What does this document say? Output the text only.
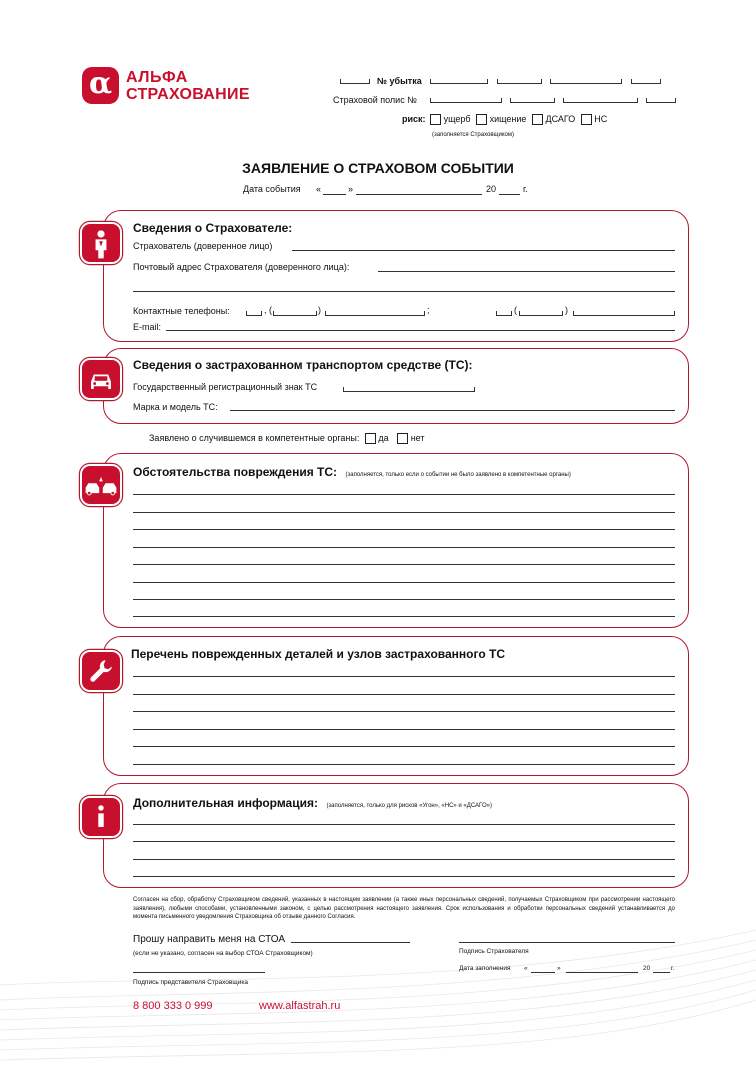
α АЛЬФА
СТРАХОВАНИЕ
№ убытка
Страховой полис №
риск: ущерб хищение ДСАГО НС
(заполняется Страховщиком)
ЗАЯВЛЕНИЕ О СТРАХОВОМ СОБЫТИИ
Дата события «	»	20	г.
Сведения о Страхователе:
Страхователь (доверенное лицо)
Почтовый адрес Страхователя (доверенного лица):
Контактные телефоны:	, (	)	;	(	)
E-mail:
Сведения о застрахованном транспортом средстве (ТС):
Государственный регистрационный знак ТС
Марка и модель ТС:
Заявлено о случившемся в компетентные органы: да нет
Обстоятельства повреждения ТС: (заполняется, только если о событии не было заявлено в компетентные органы)
Перечень поврежденных деталей и узлов застрахованного ТС
Дополнительная информация: (заполняется, только для рисков «Угон», «НС» и «ДСАГО»)
Согласен на сбор, обработку Страховщиком сведений, указанных в настоящем заявлении (а также иных персональных сведений, получаемых Страховщиком при рассмотрении настоящего заявления), любыми способами, установленными законом, с целью рассмотрения настоящего заявления. Срок использования и обработки персональных сведений устанавливается до момента письменного уведомления Страховщика об отзыве данного Согласия.
Прошу направить меня на СТОА
(если не указано, согласен на выбор СТОА Страховщиком)	Подпись Страхователя
Дата заполнения «	»	20	г.
Подпись представителя Страховщика
8 800 333 0 999	www.alfastrah.ru
